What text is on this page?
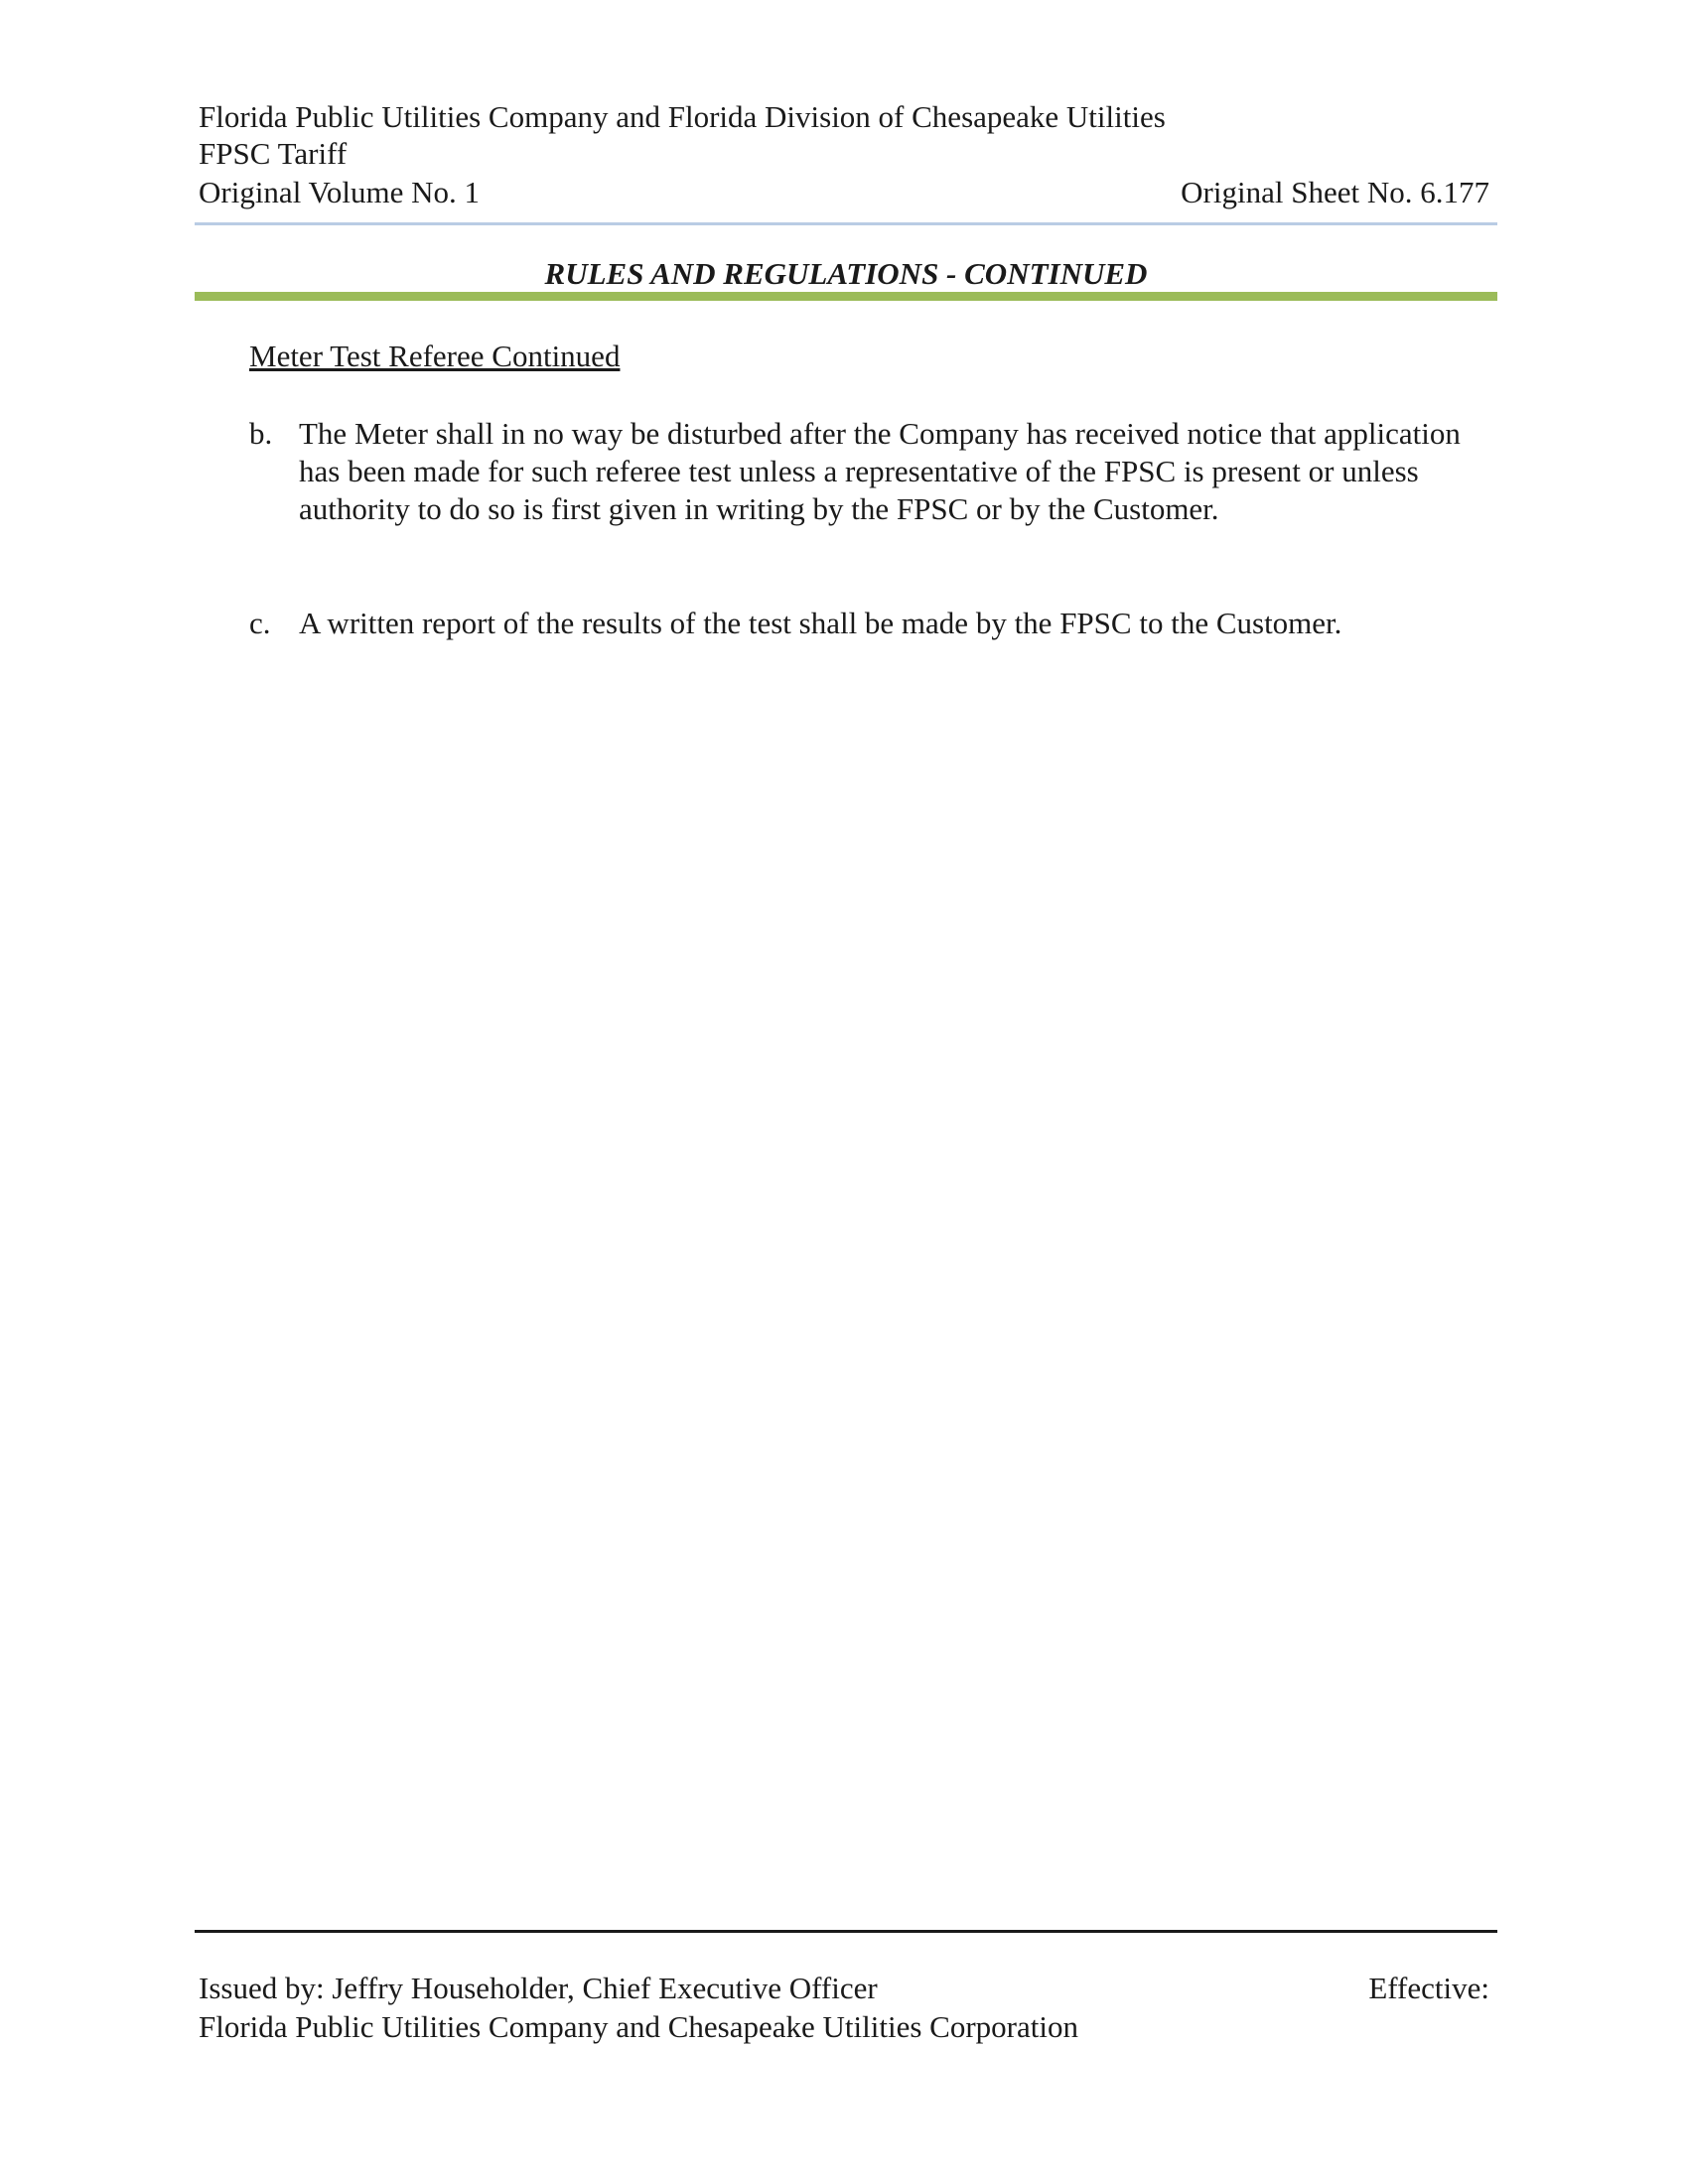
Florida Public Utilities Company and Florida Division of Chesapeake Utilities
FPSC Tariff
Original Volume No. 1	Original Sheet No. 6.177
RULES AND REGULATIONS - CONTINUED
Meter Test Referee Continued
b. The Meter shall in no way be disturbed after the Company has received notice that application has been made for such referee test unless a representative of the FPSC is present or unless authority to do so is first given in writing by the FPSC or by the Customer.
c. A written report of the results of the test shall be made by the FPSC to the Customer.
Issued by: Jeffry Householder, Chief Executive Officer	Effective:
Florida Public Utilities Company and Chesapeake Utilities Corporation
